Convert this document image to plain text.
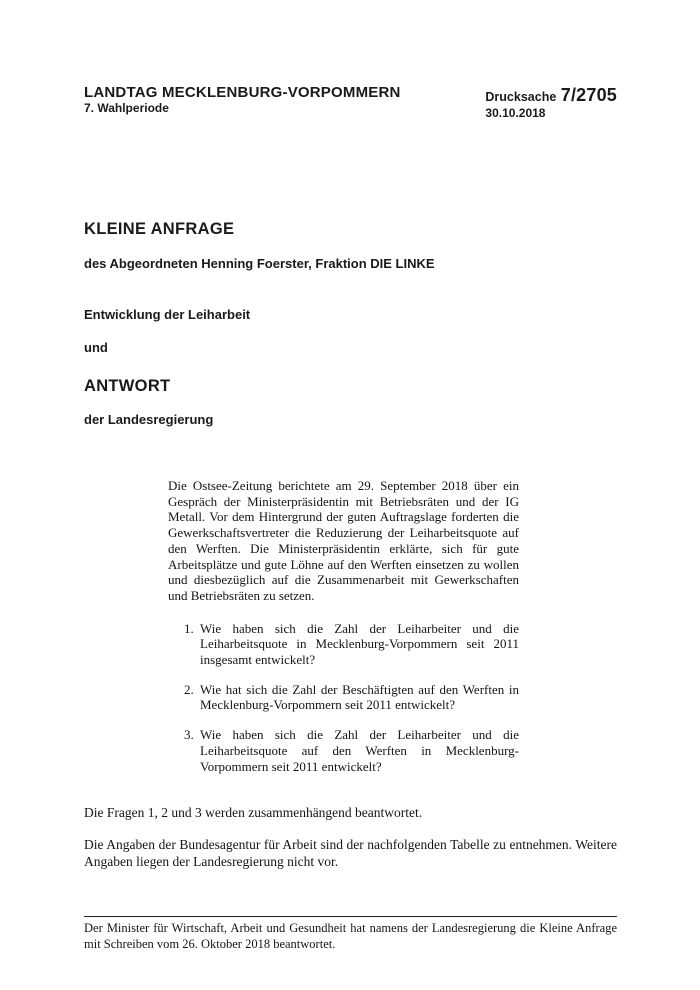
LANDTAG MECKLENBURG-VORPOMMERN
7. Wahlperiode
Drucksache 7/2705
30.10.2018
KLEINE ANFRAGE
des Abgeordneten Henning Foerster, Fraktion DIE LINKE
Entwicklung der Leiharbeit
und
ANTWORT
der Landesregierung

Die Ostsee-Zeitung berichtete am 29. September 2018 über ein Gespräch der Ministerpräsidentin mit Betriebsräten und der IG Metall. Vor dem Hintergrund der guten Auftragslage forderten die Gewerkschaftsvertreter die Reduzierung der Leiharbeitsquote auf den Werften. Die Ministerpräsidentin erklärte, sich für gute Arbeitsplätze und gute Löhne auf den Werften einsetzen zu wollen und diesbezüglich auf die Zusammenarbeit mit Gewerkschaften und Betriebsräten zu setzen.

1. Wie haben sich die Zahl der Leiharbeiter und die Leiharbeitsquote in Mecklenburg-Vorpommern seit 2011 insgesamt entwickelt?
2. Wie hat sich die Zahl der Beschäftigten auf den Werften in Mecklenburg-Vorpommern seit 2011 entwickelt?
3. Wie haben sich die Zahl der Leiharbeiter und die Leiharbeitsquote auf den Werften in Mecklenburg-Vorpommern seit 2011 entwickelt?

Die Fragen 1, 2 und 3 werden zusammenhängend beantwortet.

Die Angaben der Bundesagentur für Arbeit sind der nachfolgenden Tabelle zu entnehmen. Weitere Angaben liegen der Landesregierung nicht vor.

Der Minister für Wirtschaft, Arbeit und Gesundheit hat namens der Landesregierung die Kleine Anfrage mit Schreiben vom 26. Oktober 2018 beantwortet.
